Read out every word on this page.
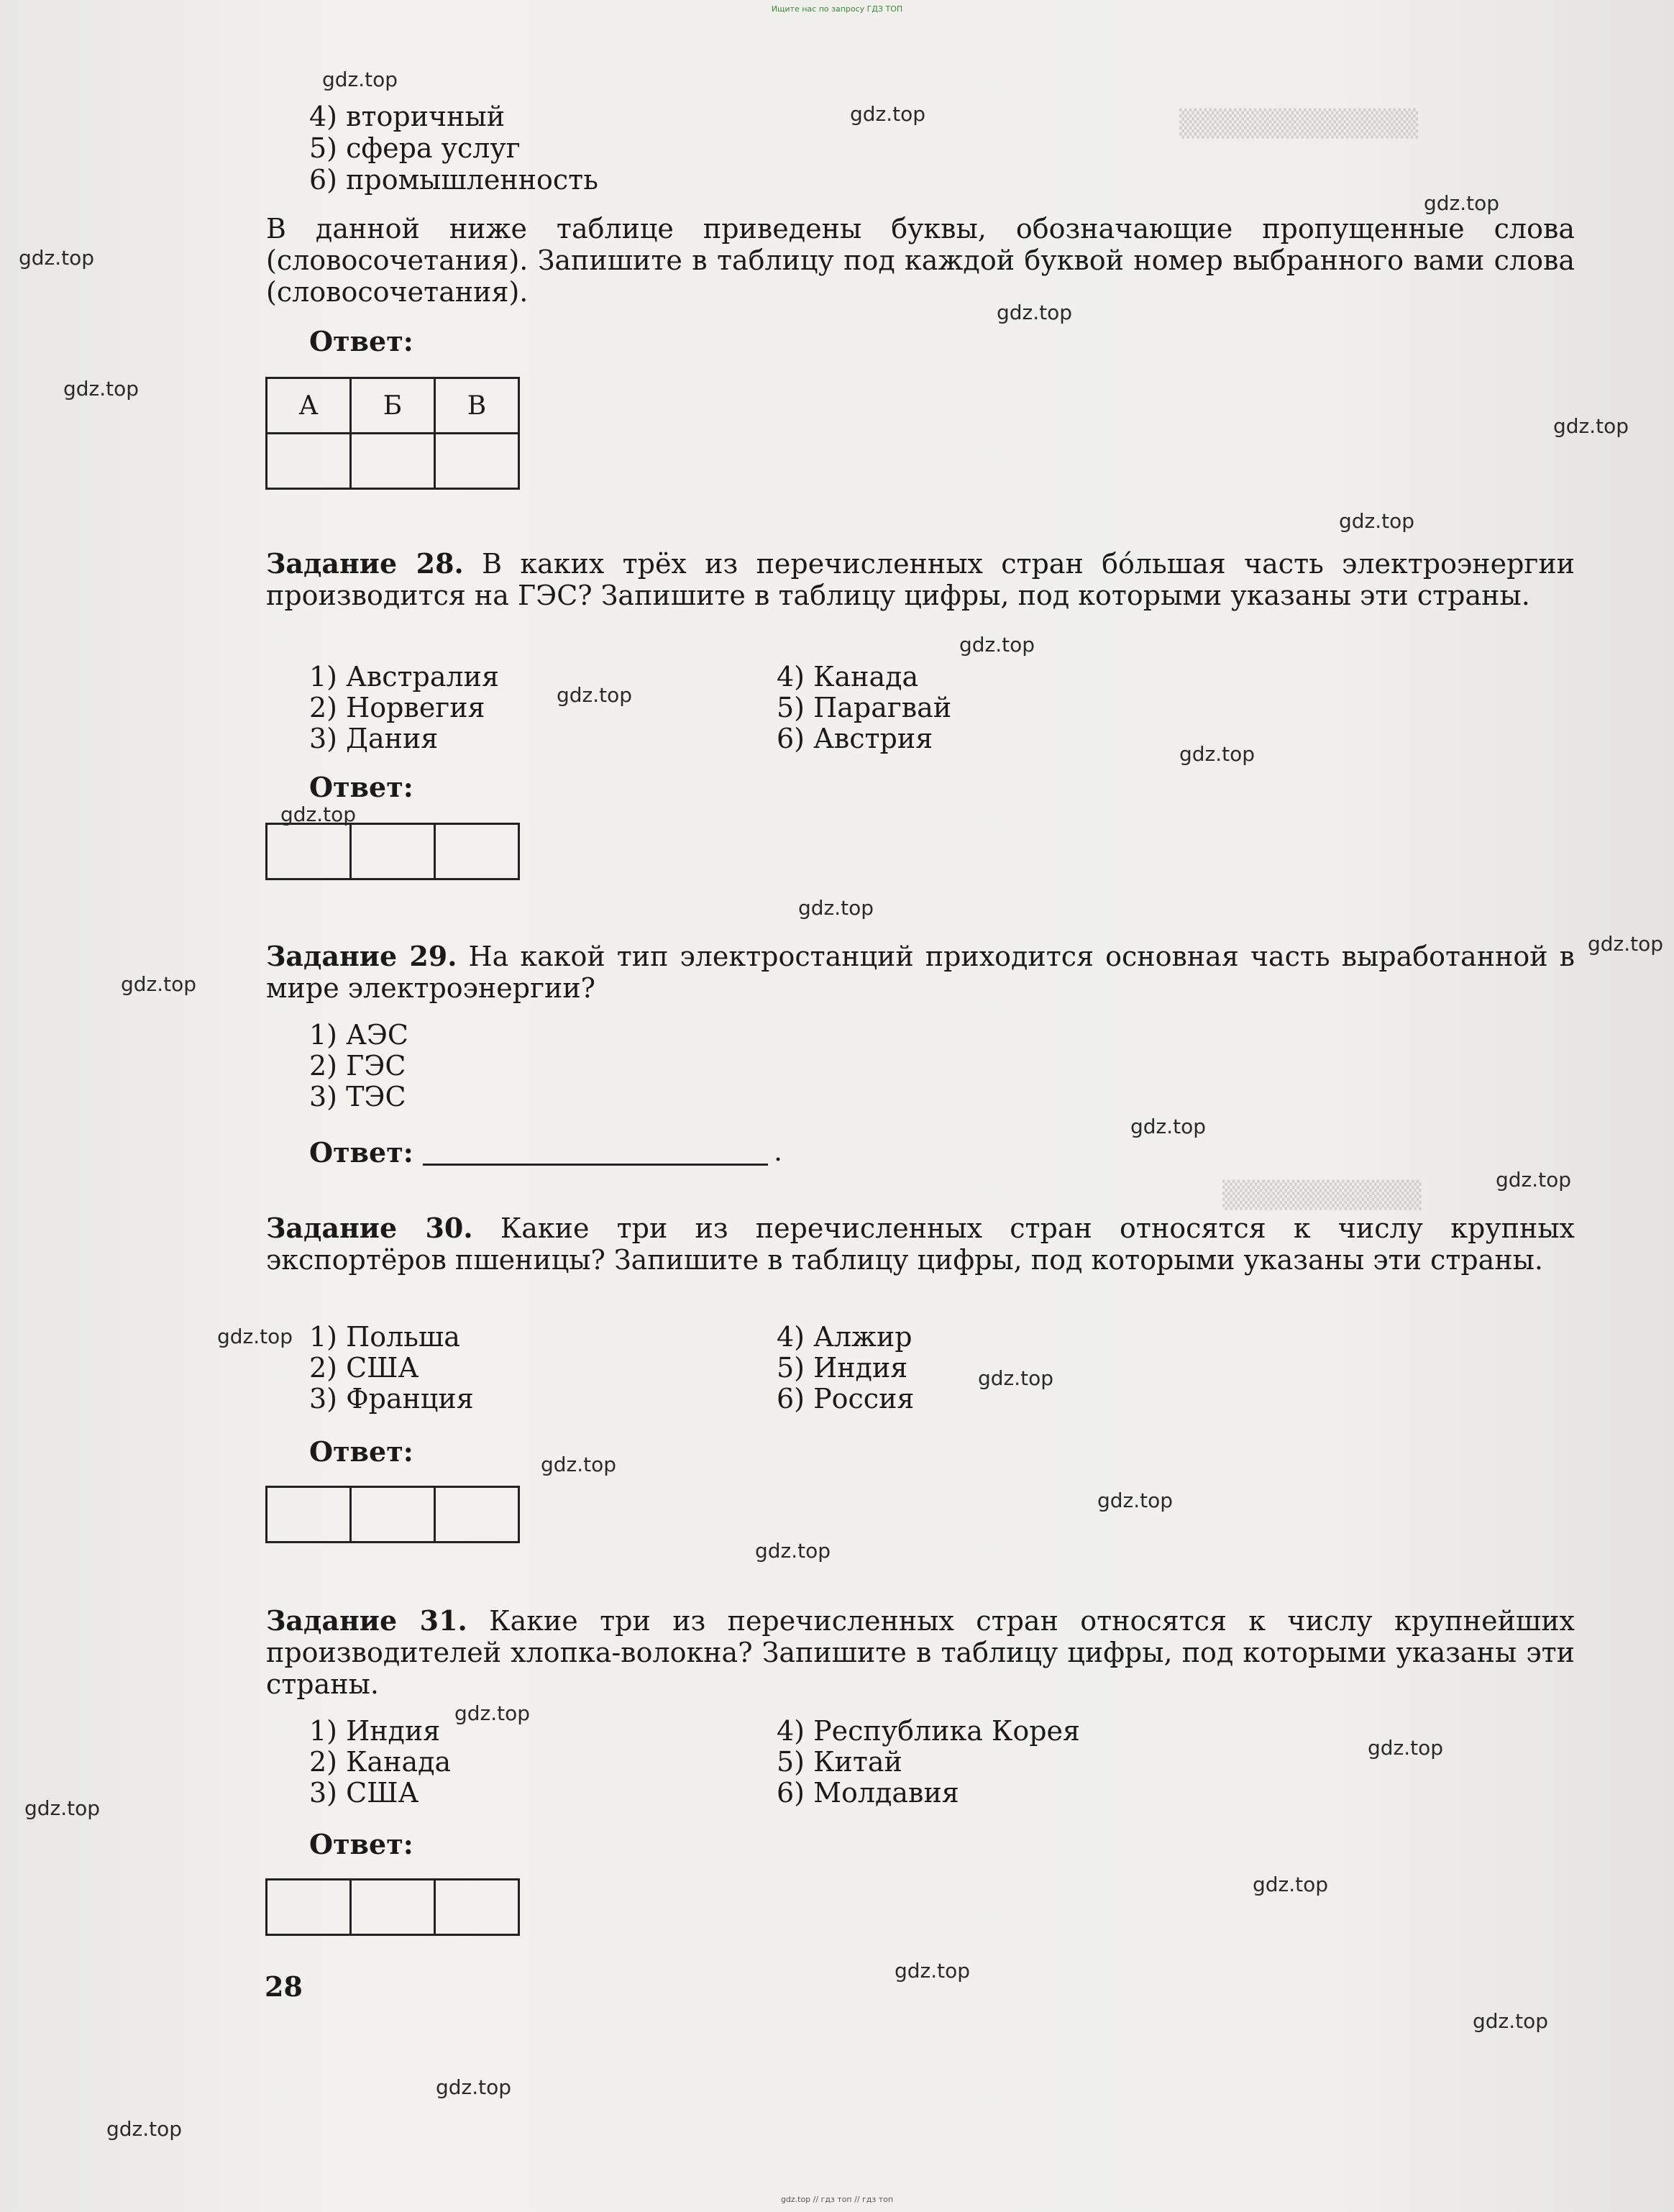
▒▒▒▒▒▒▒▒▒▒▒▒
▒▒▒▒▒▒▒▒▒▒
Ищите нас по запросу ГДЗ ТОП
4) вторичный
5) сфера услуг
6) промышленность
В данной ниже таблице приведены буквы, обозначающие пропущенные слова (словосочетания). Запишите в таблицу под каждой буквой номер выбранного вами слова (словосочетания).
Ответ:
А	Б	В

Задание 28. В каких трёх из перечисленных стран бо́льшая часть электроэнергии производится на ГЭС? Запишите в таблицу цифры, под которыми указаны эти страны.
1) Австралия
2) Норвегия
3) Дания
4) Канада
5) Парагвай
6) Австрия
Ответ:

Задание 29. На какой тип электростанций приходится основная часть выработанной в мире электроэнергии?
1) АЭС
2) ГЭС
3) ТЭС
Ответ:	.
Задание 30. Какие три из перечисленных стран относятся к числу крупных экспортёров пшеницы? Запишите в таблицу цифры, под которыми указаны эти страны.
1) Польша
2) США
3) Франция
4) Алжир
5) Индия
6) Россия
Ответ:

Задание 31. Какие три из перечисленных стран относятся к числу крупнейших производителей хлопка-волокна? Запишите в таблицу цифры, под которыми указаны эти страны.
1) Индия
2) Канада
3) США
4) Республика Корея
5) Китай
6) Молдавия
Ответ:

28
gdz.top
gdz.top
gdz.top
gdz.top
gdz.top
gdz.top
gdz.top
gdz.top
gdz.top
gdz.top
gdz.top
gdz.top
gdz.top
gdz.top
gdz.top
gdz.top
gdz.top
gdz.top
gdz.top
gdz.top
gdz.top
gdz.top
gdz.top
gdz.top
gdz.top
gdz.top
gdz.top
gdz.top
gdz.top
gdz.top
gdz.top // гдз топ // гдз топ
